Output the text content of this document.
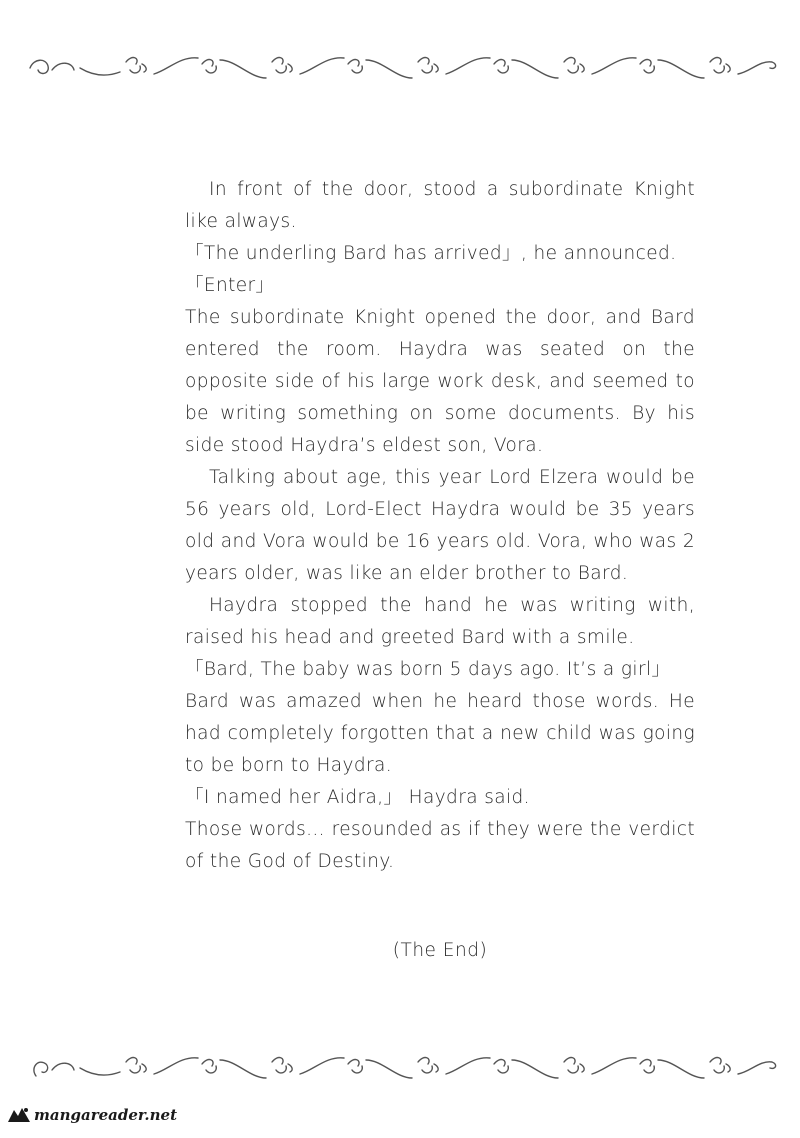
In front of the door, stood a subordinate Knight like always.

「The underling Bard has arrived」, he announced.

「Enter」

The subordinate Knight opened the door, and Bard entered the room. Haydra was seated on the opposite side of his large work desk, and seemed to be writing something on some documents. By his side stood Haydra’s eldest son, Vora.

Talking about age, this year Lord Elzera would be 56 years old, Lord-Elect Haydra would be 35 years old and Vora would be 16 years old. Vora, who was 2 years older, was like an elder brother to Bard.

Haydra stopped the hand he was writing with, raised his head and greeted Bard with a smile.

「Bard, The baby was born 5 days ago. It’s a girl」

Bard was amazed when he heard those words. He had completely forgotten that a new child was going to be born to Haydra.

「I named her Aidra,」 Haydra said.

Those words... resounded as if they were the verdict of the God of Destiny.

(The End)
mangareader.net
